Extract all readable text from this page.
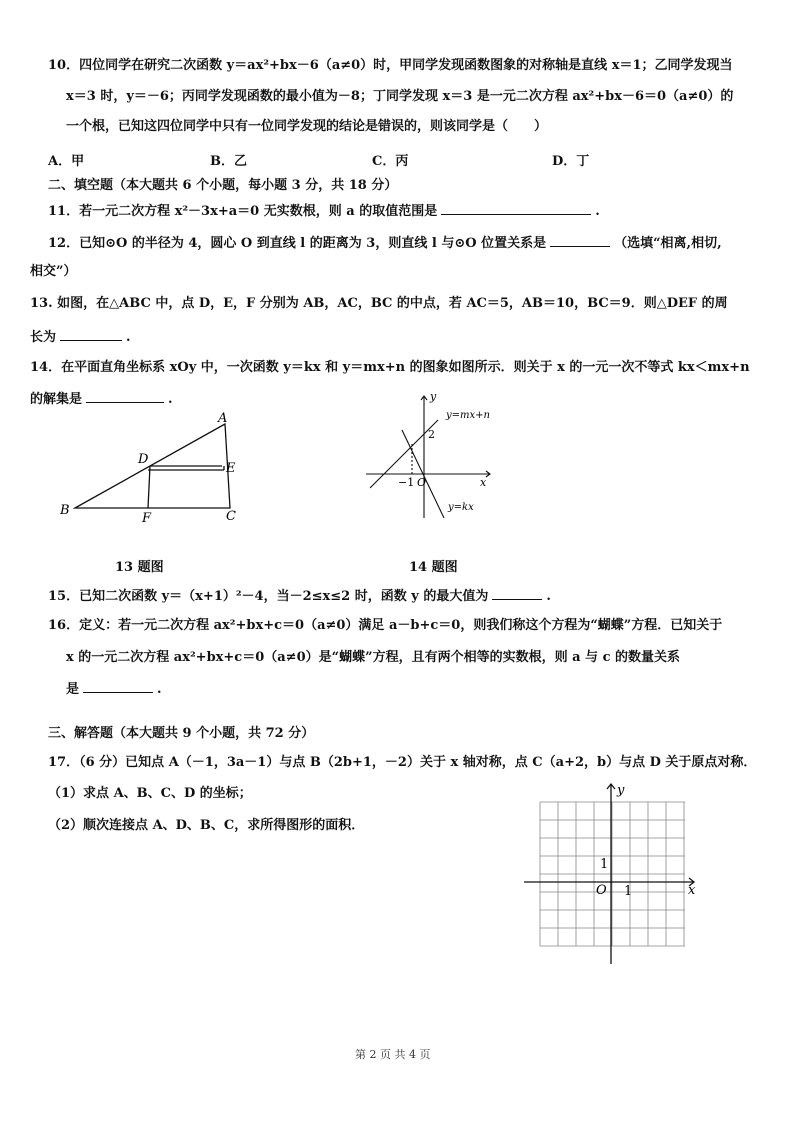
10．四位同学在研究二次函数 y＝ax²+bx－6（a≠0）时，甲同学发现函数图象的对称轴是直线 x＝1；乙同学发现当
x＝3 时，y＝－6；丙同学发现函数的最小值为－8；丁同学发现 x＝3 是一元二次方程 ax²+bx－6＝0（a≠0）的
一个根，已知这四位同学中只有一位同学发现的结论是错误的，则该同学是（　　）
A．甲	B．乙	C．丙	D．丁
二、填空题（本大题共 6 个小题，每小题 3 分，共 18 分）
11．若一元二次方程 x²－3x+a＝0 无实数根，则 a 的取值范围是	.
12．已知⊙O 的半径为 4，圆心 O 到直线 l 的距离为 3，则直线 l 与⊙O 位置关系是	（选填“相离,相切,
相交”）
13. 如图，在△ABC 中，点 D，E，F 分别为 AB，AC，BC 的中点，若 AC＝5，AB＝10，BC＝9．则△DEF 的周
长为	.
14．在平面直角坐标系 xOy 中，一次函数 y＝kx 和 y＝mx+n 的图象如图所示．则关于 x 的一元一次不等式 kx＜mx+n
的解集是	.
A
B	C
D
E
F
y
x
O
−1
2
y=mx+n
y=kx
13 题图	14 题图
15．已知二次函数 y＝（x+1）²－4，当－2≤x≤2 时，函数 y 的最大值为	.
16．定义：若一元二次方程 ax²+bx+c＝0（a≠0）满足 a－b+c＝0，则我们称这个方程为“蝴蝶”方程．已知关于
x 的一元二次方程 ax²+bx+c＝0（a≠0）是“蝴蝶”方程，且有两个相等的实数根，则 a 与 c 的数量关系
是	.
三、解答题（本大题共 9 个小题，共 72 分）
17．（6 分）已知点 A（－1，3a－1）与点 B（2b+1，－2）关于 x 轴对称，点 C（a+2，b）与点 D 关于原点对称．
（1）求点 A、B、C、D 的坐标；
（2）顺次连接点 A、D、B、C，求所得图形的面积．
y
x
O 1
1
第 2 页 共 4 页
